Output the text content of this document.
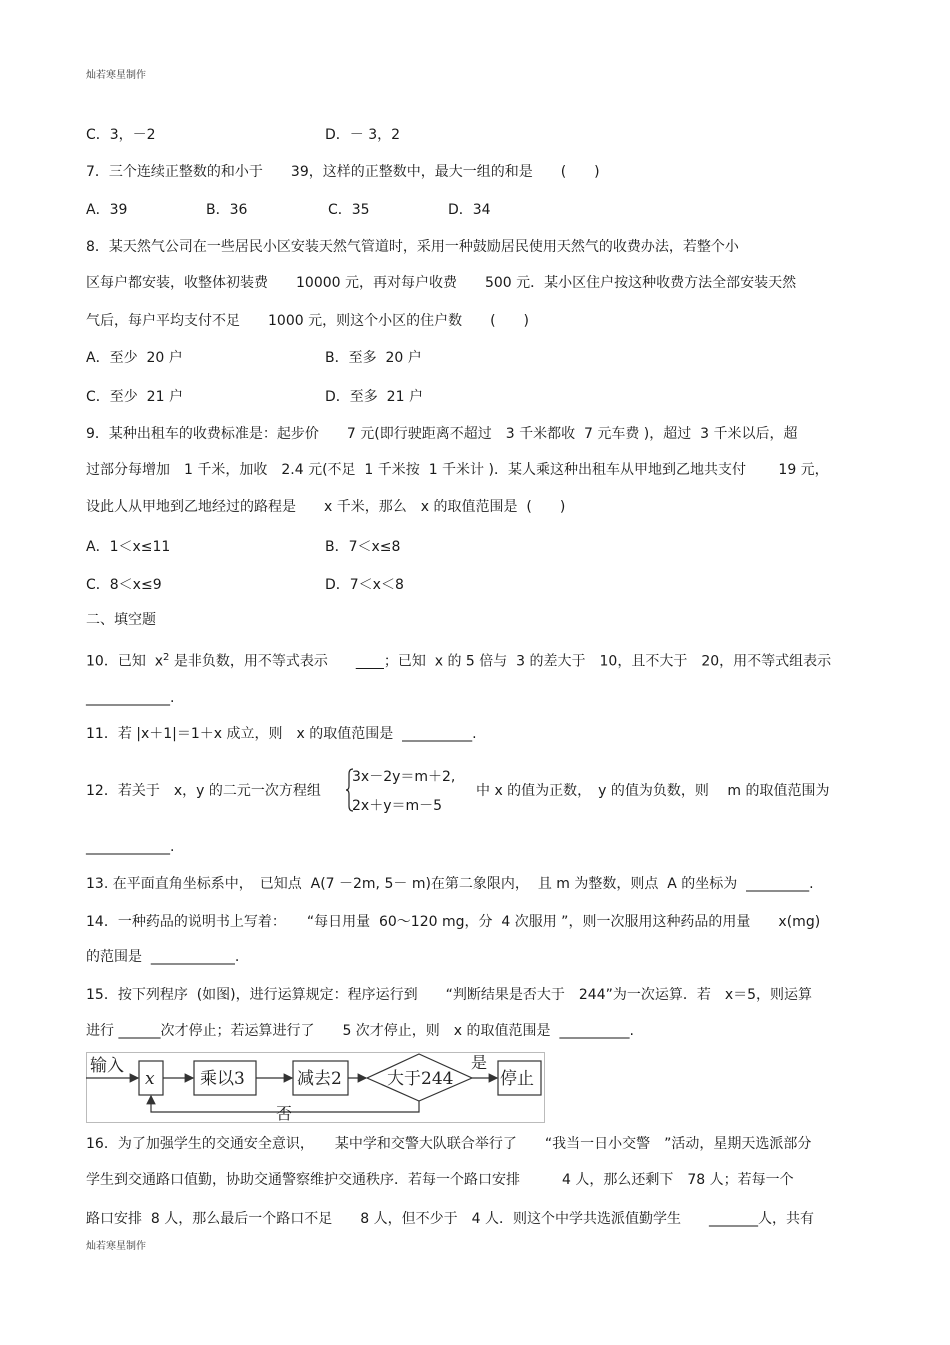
灿若寒星制作
C．3，－2	D．－ 3，2
7．三个连续正整数的和小于　　39，这样的正整数中，最大一组的和是　　(　　)
A．39	B．36	C．35	D．34
8．某天然气公司在一些居民小区安装天然气管道时，采用一种鼓励居民使用天然气的收费办法，若整个小
区每户都安装，收整体初装费　　10000 元，再对每户收费　　500 元．某小区住户按这种收费方法全部安装天然
气后，每户平均支付不足　　1000 元，则这个小区的住户数　　(　　)
A．至少  20 户	B．至多  20 户
C．至少  21 户	D．至多  21 户
9．某种出租车的收费标准是：起步价　　7 元(即行驶距离不超过　3 千米都收  7 元车费 )，超过  3 千米以后，超
过部分每增加　1 千米，加收　2.4 元(不足  1 千米按  1 千米计 )．某人乘这种出租车从甲地到乙地共支付　　 19 元，
设此人从甲地到乙地经过的路程是　　x 千米，那么　x 的取值范围是  (　　)
A．1＜x≤11	B．7＜x≤8
C．8＜x≤9	D．7＜x＜8
二、填空题
10．已知  $x^2$ 是非负数，用不等式表示　　____；已知  x 的 5 倍与  3 的差大于　10，且不大于　20，用不等式组表示
____________.
11．若 |x＋1|＝1＋x 成立，则　x 的取值范围是  __________.
12．若关于　x，y 的二元一次方程组
3x－2y＝m＋2,
2x＋y＝m－5
中 x 的值为正数，　y 的值为负数，则　 m 的取值范围为
____________.
13. 在平面直角坐标系中，　已知点  A(7 －2m, 5－ m)在第二象限内，  且 m 为整数，则点  A 的坐标为  _________.
14．一种药品的说明书上写着：　　“每日用量  60～120 mg，分  4 次服用 ”，则一次服用这种药品的用量　　x(mg)
的范围是  ____________.
15．按下列程序  (如图)，进行运算规定：程序运行到　　“判断结果是否大于　244”为一次运算．若　x＝5，则运算
进行 ______次才停止；若运算进行了　　5 次才停止，则　x 的取值范围是  __________.
输入
x	乘以3	减去2	大于244
是
停止
否
16．为了加强学生的交通安全意识，　　某中学和交警大队联合举行了　　“我当一日小交警　”活动，星期天选派部分
学生到交通路口值勤，协助交通警察维护交通秩序．若每一个路口安排　　　4 人，那么还剩下　78 人；若每一个
路口安排  8 人，那么最后一个路口不足　　8 人，但不少于　4 人．则这个中学共选派值勤学生　　_______人，共有
灿若寒星制作
